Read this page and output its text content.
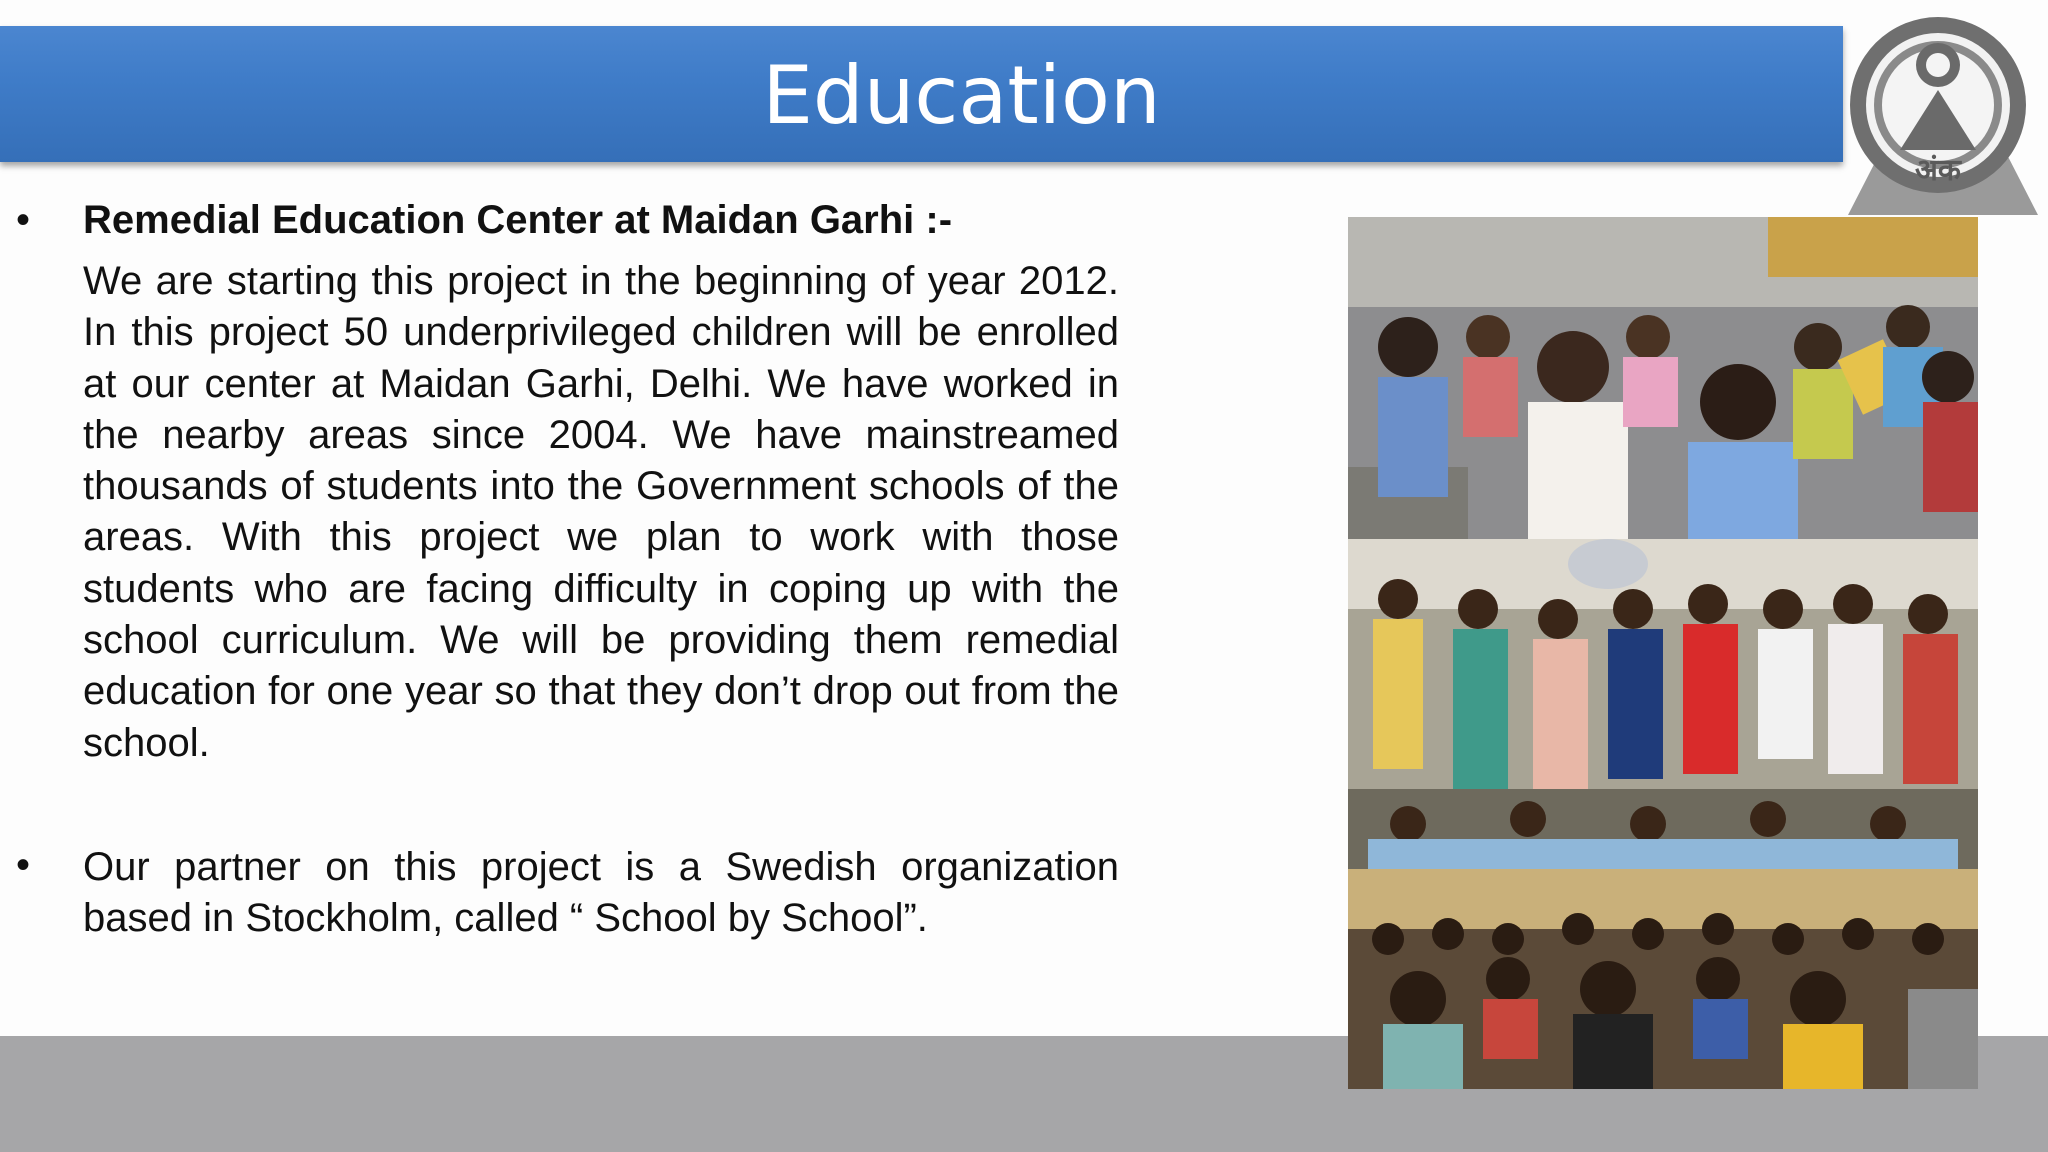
Education
अंक
• Remedial Education Center at Maidan Garhi :-
We are starting this project in the beginning of year 2012. In this project 50 underprivileged children will be enrolled at our center at Maidan Garhi, Delhi. We have worked in the nearby areas since 2004. We have mainstreamed thousands of students into the Government schools of the areas. With this project we plan to work with those students who are facing difficulty in coping up with the school curriculum. We will be providing them remedial education for one year so that they don’t drop out from the school.
• Our partner on this project is a Swedish organization based in Stockholm, called “ School by School”.
